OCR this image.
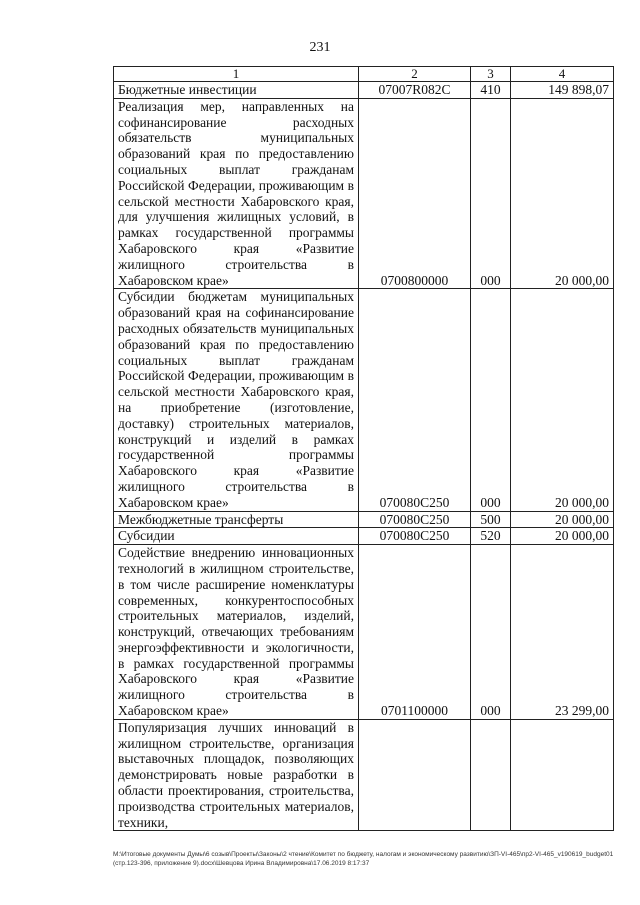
231
1	2	3	4
Бюджетные инвестиции	07007R082C	410	149 898,07
Реализация мер, направленных на софинансирование расходных обязательств муниципальных образований края по предоставлению социальных выплат гражданам Российской Федерации, проживающим в сельской местности Хабаровского края, для улучшения жилищных условий, в рамках государственной программы Хабаровского края «Развитие жилищного строительства в Хабаровском крае»	0700800000	000	20 000,00
Субсидии бюджетам муниципальных образований края на софинансирование расходных обязательств муниципальных образований края по предоставлению социальных выплат гражданам Российской Федерации, проживающим в сельской местности Хабаровского края, на приобретение (изготовление, доставку) строительных материалов, конструкций и изделий в рамках государственной программы Хабаровского края «Развитие жилищного строительства в Хабаровском крае»	070080С250	000	20 000,00
Межбюджетные трансферты	070080С250	500	20 000,00
Субсидии	070080С250	520	20 000,00
Содействие внедрению инновационных технологий в жилищном строительстве, в том числе расширение номенклатуры современных, конкурентоспособных строительных материалов, изделий, конструкций, отвечающих требованиям энергоэффективности и экологичности, в рамках государственной программы Хабаровского края «Развитие жилищного строительства в Хабаровском крае»	0701100000	000	23 299,00
Популяризация лучших инноваций в жилищном строительстве, организация выставочных площадок, позволяющих демонстрировать новые разработки в области проектирования, строительства, производства строительных материалов, техники,			
M:\Итоговые документы Думы\6 созыв\Проекты\Законы\2 чтение\Комитет по бюджету, налогам и экономическому развитию\ЗП-VI-465\пр2-VI-465_v190619_budget01 (стр.123-396, приложение 9).docx\Шевцова Ирина Владимировна\17.06.2019 8:17:37
